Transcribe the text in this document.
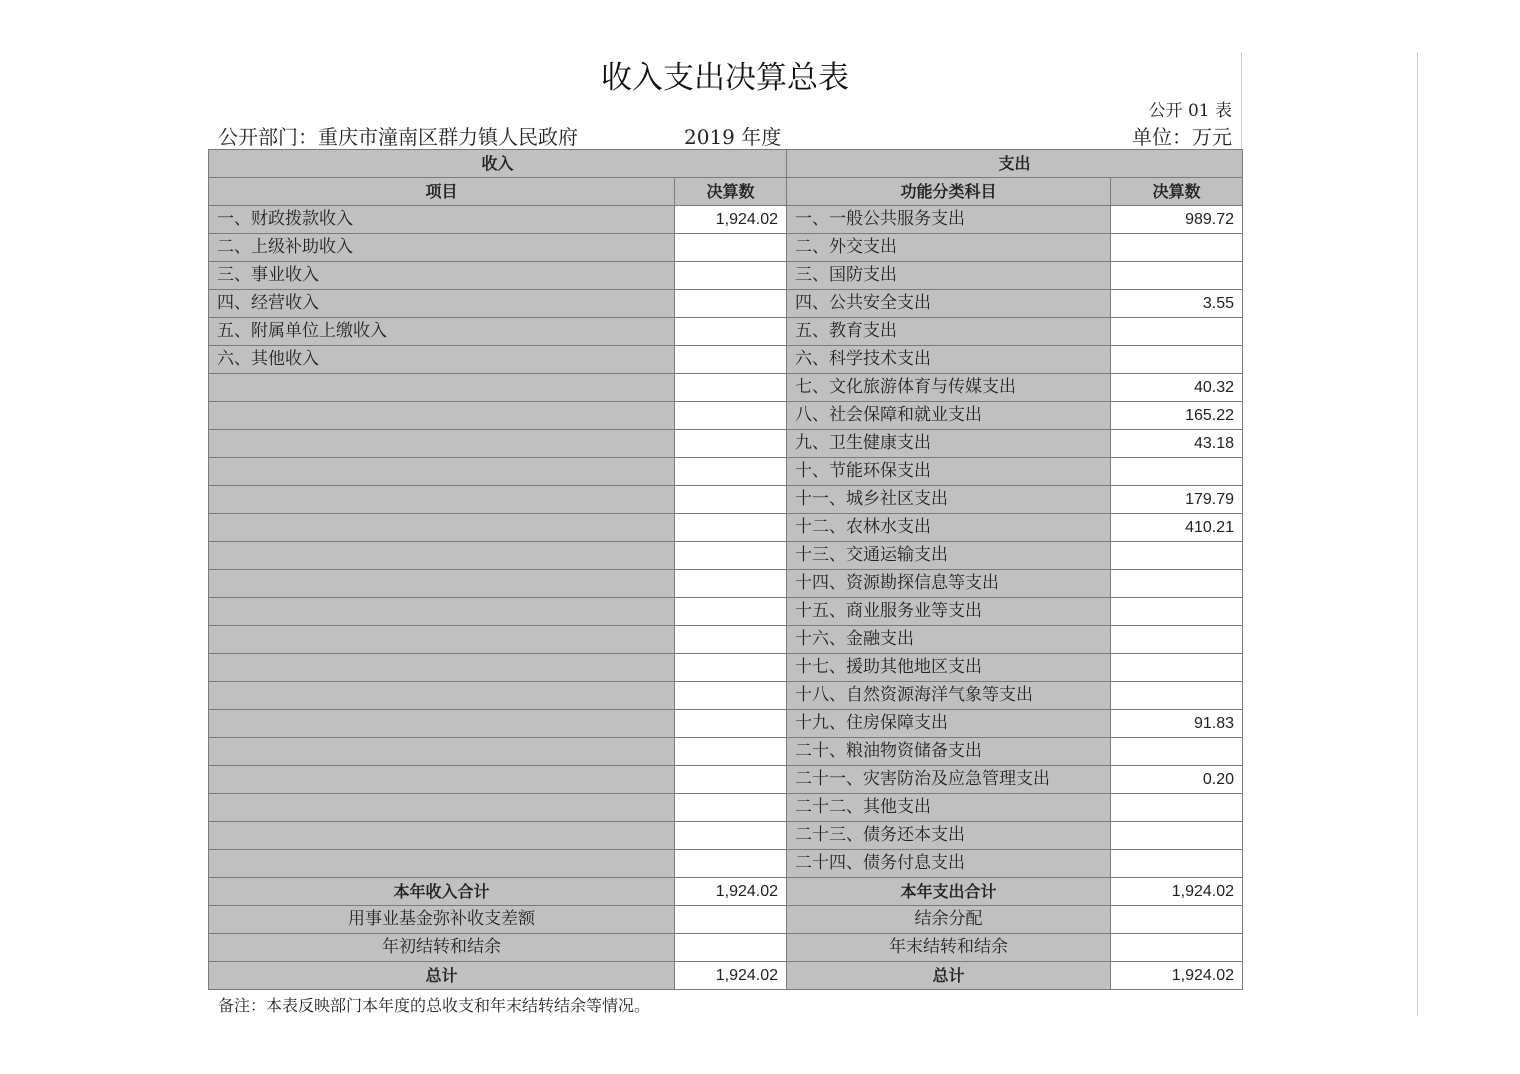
收入支出决算总表
公开 01 表
公开部门：重庆市潼南区群力镇人民政府	2019 年度	单位：万元
收入		支出	
项目	决算数	功能分类科目	决算数
一、财政拨款收入	1,924.02	一、一般公共服务支出	989.72
二、上级补助收入		二、外交支出	
三、事业收入		三、国防支出	
四、经营收入		四、公共安全支出	3.55
五、附属单位上缴收入		五、教育支出	
六、其他收入		六、科学技术支出	
		七、文化旅游体育与传媒支出	40.32
		八、社会保障和就业支出	165.22
		九、卫生健康支出	43.18
		十、节能环保支出	
		十一、城乡社区支出	179.79
		十二、农林水支出	410.21
		十三、交通运输支出	
		十四、资源勘探信息等支出	
		十五、商业服务业等支出	
		十六、金融支出	
		十七、援助其他地区支出	
		十八、自然资源海洋气象等支出	
		十九、住房保障支出	91.83
		二十、粮油物资储备支出	
		二十一、灾害防治及应急管理支出	0.20
		二十二、其他支出	
		二十三、债务还本支出	
		二十四、债务付息支出	
本年收入合计	1,924.02	本年支出合计	1,924.02
用事业基金弥补收支差额		结余分配	
年初结转和结余		年末结转和结余	
总计	1,924.02	总计	1,924.02
备注：本表反映部门本年度的总收支和年末结转结余等情况。
